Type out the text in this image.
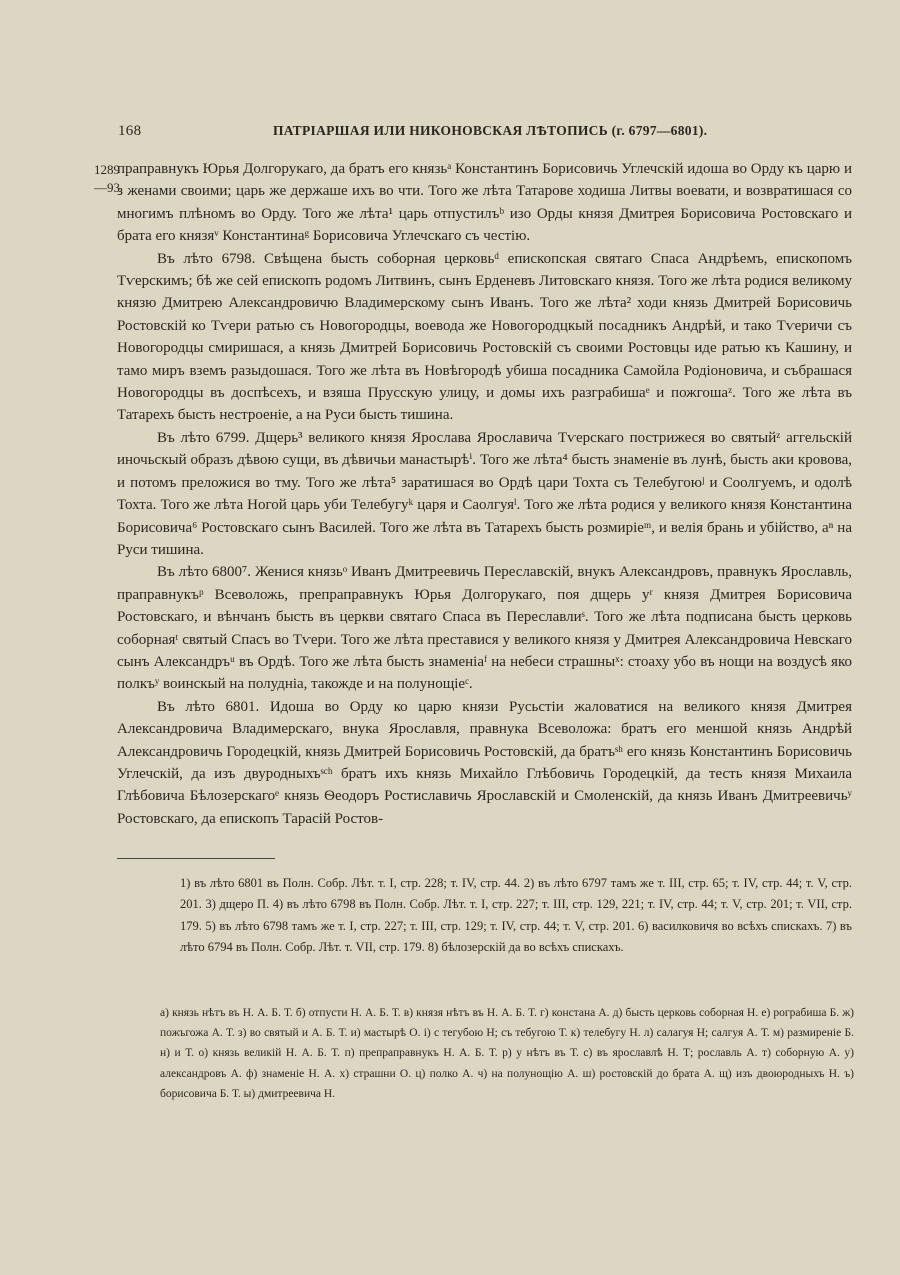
168	ПАТРІАРШАЯ ИЛИ НИКОНОВСКАЯ ЛѢТОПИСЬ (г. 6797—6801).
1289
—93

праправнукъ Юрья Долгорукаго, да братъ его князьᵃ Константинъ Борисовичь Углечскій идоша во Орду къ царю и з женами своими; царь же держаше ихъ во чти. Того же лѣта Татарове ходиша Литвы воевати, и возвратишася со многимъ плѣномъ во Орду. Того же лѣта¹ царь отпустилъᵇ изо Орды князя Дмитрея Борисовича Ростовскаго и брата его князяᵛ Константинаᵍ Борисовича Углечскаго съ честію.

Въ лѣто 6798. Свѣщена бысть соборная церковьᵈ епископская святаго Спаса Андрѣемъ, епископомъ Тѵерскимъ; бѣ же сей епископъ родомъ Литвинъ, сынъ Ерденевъ Литовскаго князя. Того же лѣта родися великому князю Дмитрею Александровичю Владимерскому сынъ Иванъ. Того же лѣта² ходи князь Дмитрей Борисовичь Ростовскій ко Тѵери ратью съ Новогородцы, воевода же Новогородцкый посадникъ Андрѣй, и тако Тѵеричи съ Новогородцы смиришася, а князь Дмитрей Борисовичь Ростовскій съ своими Ростовцы иде ратью къ Кашину, и тамо миръ вземъ разыдошася. Того же лѣта въ Новѣгородѣ убиша посадника Самойла Родіоновича, и събрашася Новогородцы въ доспѣсехъ, и взяша Прусскую улицу, и домы ихъ разграбишаᵉ и пожгошаᶻ. Того же лѣта въ Татарехъ бысть нестроеніе, а на Руси бысть тишина.

Въ лѣто 6799. Дщерь³ великого князя Ярослава Ярославича Тѵерскаго пострижеся во святыйᶻ аггельскій иночьскый образъ дѣвою сущи, въ дѣвичьи манастырѣⁱ. Того же лѣта⁴ бысть знаменіе въ лунѣ, бысть аки кровова, и потомъ преложися во тму. Того же лѣта⁵ заратишася во Ордѣ цари Тохта съ Телебугоюʲ и Соолгуемъ, и одолѣ Тохта. Того же лѣта Ногой царь уби Телебугуᵏ царя и Саолгуяˡ. Того же лѣта родися у великого князя Константина Борисовича⁶ Ростовскаго сынъ Василей. Того же лѣта въ Татарехъ бысть розмиріеᵐ, и велія брань и убійство, аⁿ на Руси тишина.

Въ лѣто 6800⁷. Женися князьᵒ Иванъ Дмитреевичь Переславскій, внукъ Александровъ, правнукъ Ярославль, праправнукъᵖ Всеволожь, препраправнукъ Юрья Долгорукаго, поя дщерь уʳ князя Дмитрея Борисовича Ростовскаго, и вѣнчанъ бысть въ церкви святаго Спаса въ Переславлиˢ. Того же лѣта подписана бысть церковь соборнаяᵗ святый Спасъ во Тѵери. Того же лѣта преставися у великого князя у Дмитрея Александровича Невскаго сынъ Александръᵘ въ Ордѣ. Того же лѣта бысть знаменіаᶠ на небеси страшныˣ: стоаху убо въ нощи на воздусѣ яко полкъʸ воинскый на полудніа, такожде и на полунощіеᶜ.

Въ лѣто 6801. Идоша во Орду ко царю князи Русьстіи жаловатися на великого князя Дмитрея Александровича Владимерскаго, внука Ярославля, правнука Всеволожа: братъ его меншой князь Андрѣй Александровичь Городецкій, князь Дмитрей Борисовичь Ростовскій, да братъˢʰ его князь Константинъ Борисовичь Углечскій, да изъ двуродныхъˢᶜʰ братъ ихъ князь Михайло Глѣбовичь Городецкій, да тесть князя Михаила Глѣбовича Бѣлозерскагоᵉ князь Ѳеодоръ Ростиславичь Ярославскій и Смоленскій, да князь Иванъ Дмитреевичьʸ Ростовскаго, да епископъ Тарасій Ростов-

1) въ лѣто 6801 въ Полн. Собр. Лѣт. т. I, стр. 228; т. IV, стр. 44. 2) въ лѣто 6797 тамъ же т. III, стр. 65; т. IV, стр. 44; т. V, стр. 201. 3) дщеро П. 4) въ лѣто 6798 въ Полн. Собр. Лѣт. т. I, стр. 227; т. III, стр. 129, 221; т. IV, стр. 44; т. V, стр. 201; т. VII, стр. 179. 5) въ лѣто 6798 тамъ же т. I, стр. 227; т. III, стр. 129; т. IV, стр. 44; т. V, стр. 201. 6) василковичя во всѣхъ спискахъ. 7) въ лѣто 6794 въ Полн. Собр. Лѣт. т. VII, стр. 179. 8) бѣлозерскій да во всѣхъ спискахъ.

а) князь нѣтъ въ Н. А. Б. Т. б) отпусти Н. А. Б. Т. в) князя нѣтъ въ Н. А. Б. Т. г) констана А. д) бысть церковь соборная Н. е) рограбиша Б. ж) пожъгожа А. Т. з) во святый и А. Б. Т. и) мастырѣ О. і) с тегубою Н; съ тебугою Т. к) телебугу Н. л) салагуя Н; салгуя А. Т. м) размиреніе Б. н) и Т. о) князь великій Н. А. Б. Т. п) препраправнукъ Н. А. Б. Т. р) у нѣтъ въ Т. с) въ ярославлѣ Н. Т; рославль А. т) соборную А. у) александровъ А. ф) знаменіе Н. А. х) страшни О. ц) полко А. ч) на полунощію А. ш) ростовскій до брата А. щ) изъ двоюродныхъ Н. ъ) борисовича Б. Т. ы) дмитреевича Н.
